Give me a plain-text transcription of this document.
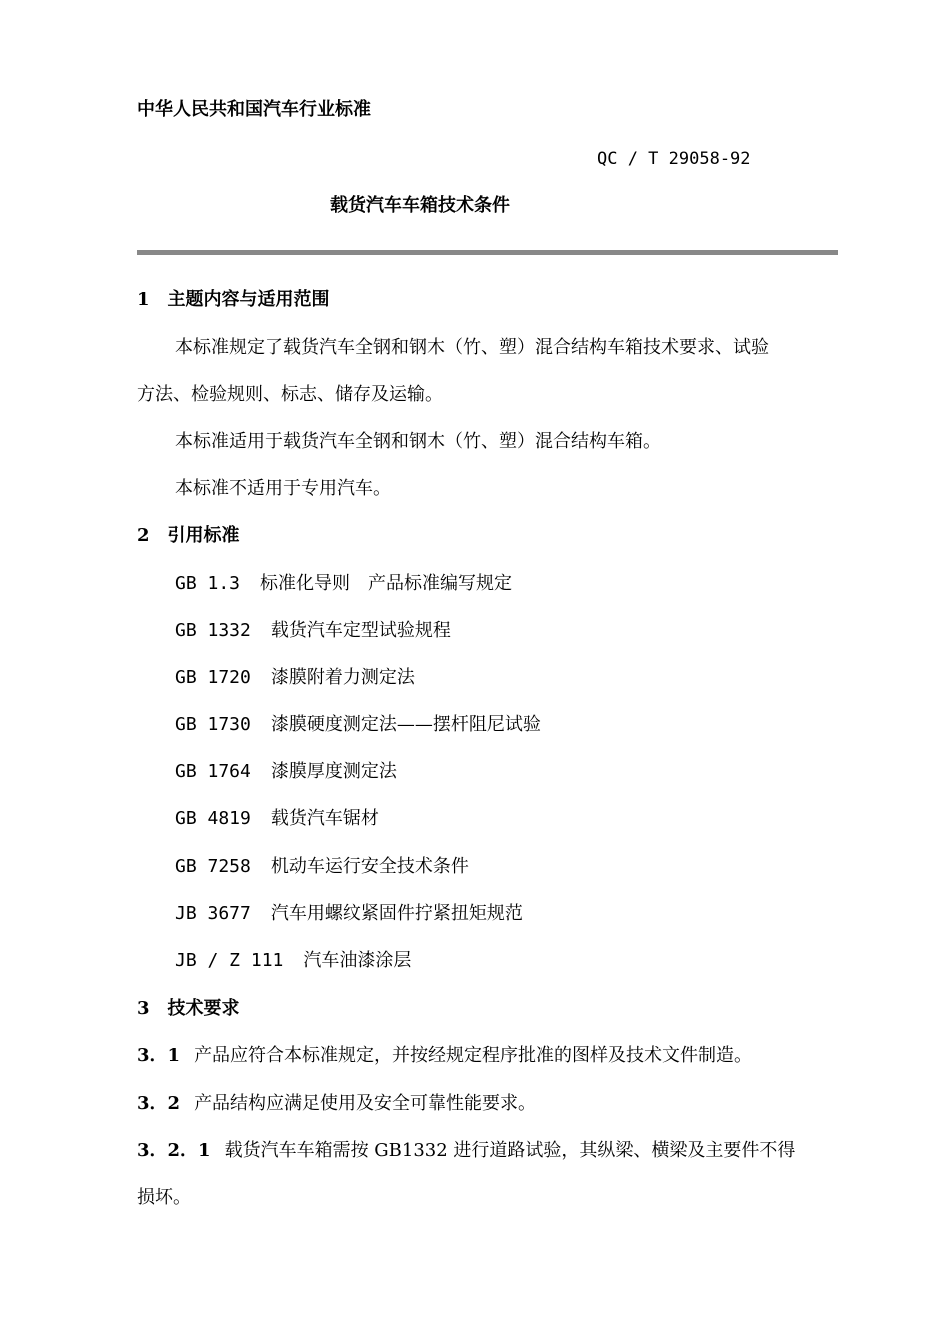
中华人民共和国汽车行业标准
QC / T 29058-92
载货汽车车箱技术条件
1 主题内容与适用范围
本标准规定了载货汽车全钢和钢木（竹、塑）混合结构车箱技术要求、试验
方法、检验规则、标志、储存及运输。
本标准适用于载货汽车全钢和钢木（竹、塑）混合结构车箱。
本标准不适用于专用汽车。
2 引用标准
GB 1.3 标准化导则　产品标准编写规定
GB 1332 载货汽车定型试验规程
GB 1720 漆膜附着力测定法
GB 1730 漆膜硬度测定法——摆杆阻尼试验
GB 1764 漆膜厚度测定法
GB 4819 载货汽车锯材
GB 7258 机动车运行安全技术条件
JB 3677 汽车用螺纹紧固件拧紧扭矩规范
JB / Z 111 汽车油漆涂层
3 技术要求
3．1 产品应符合本标准规定，并按经规定程序批准的图样及技术文件制造。
3．2 产品结构应满足使用及安全可靠性能要求。
3．2．1 载货汽车车箱需按 GB1332 进行道路试验，其纵梁、横梁及主要件不得
损坏。
